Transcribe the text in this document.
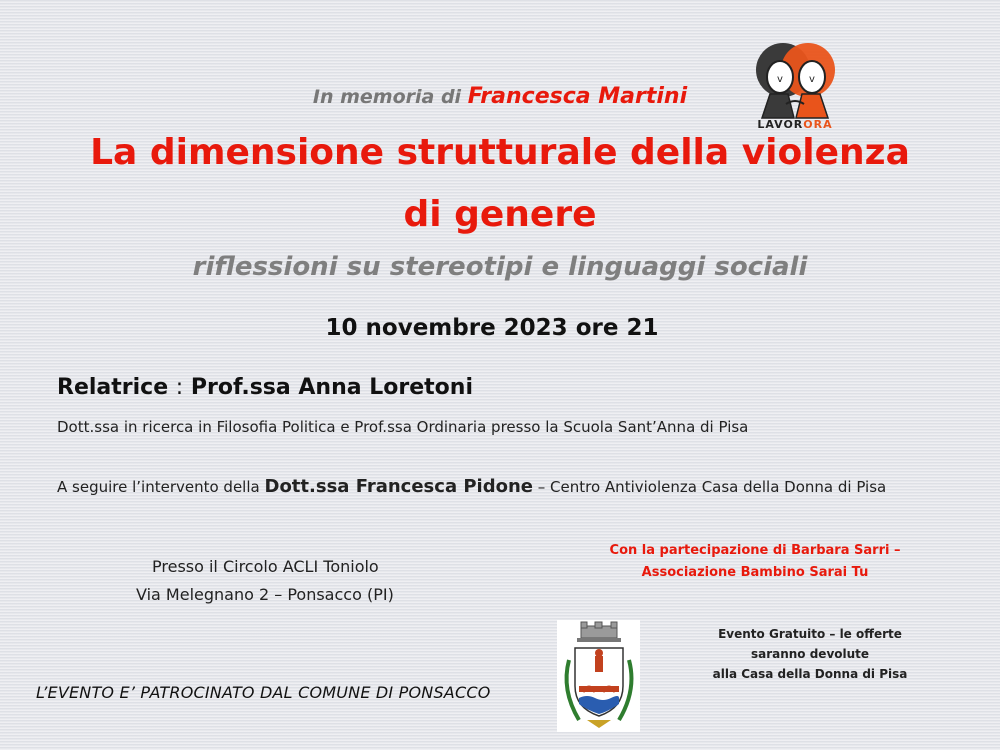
In memoria di Francesca Martini
La dimensione strutturale della violenza
di genere
riflessioni su stereotipi e linguaggi sociali
10 novembre 2023 ore 21
v	v
LAVORORA
Relatrice : Prof.ssa Anna Loretoni
Dott.ssa in ricerca in Filosofia Politica e Prof.ssa Ordinaria presso la Scuola Sant’Anna di Pisa
A seguire l’intervento della Dott.ssa Francesca Pidone – Centro Antiviolenza Casa della Donna di Pisa
Presso il Circolo ACLI Toniolo
Via Melegnano 2 – Ponsacco (PI)
Con la partecipazione di Barbara Sarri –
Associazione Bambino Sarai Tu
Evento Gratuito – le offerte
saranno devolute
alla Casa della Donna di Pisa
L’EVENTO E’ PATROCINATO DAL COMUNE DI PONSACCO
